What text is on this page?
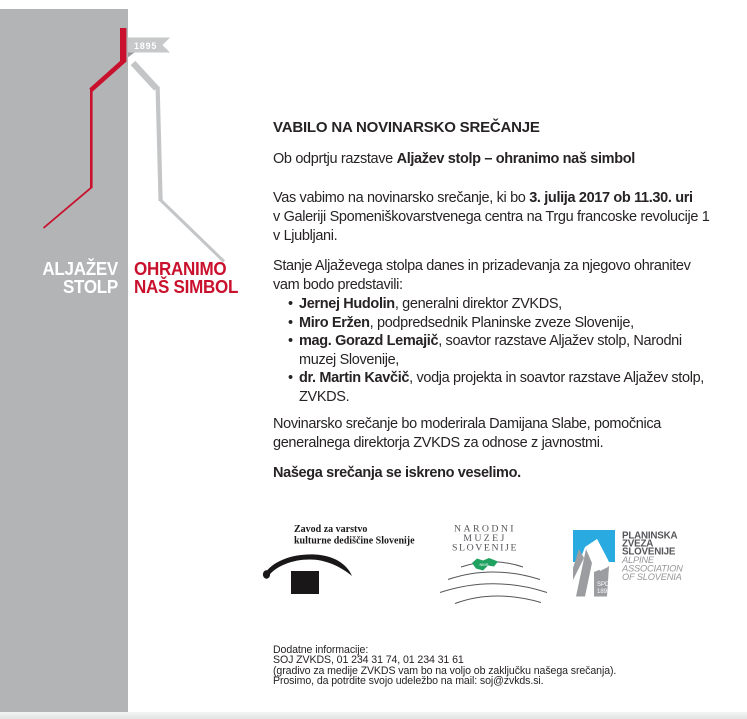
1895
ALJAŽEV
STOLP
OHRANIMO
NAŠ SIMBOL
VABILO NA NOVINARSKO SREČANJE
Ob odprtju razstave Aljažev stolp – ohranimo naš simbol
Vas vabimo na novinarsko srečanje, ki bo 3. julija 2017 ob 11.30. uri
v Galeriji Spomeniškovarstvenega centra na Trgu francoske revolucije 1
v Ljubljani.
Stanje Aljaževega stolpa danes in prizadevanja za njegovo ohranitev
vam bodo predstavili:
• Jernej Hudolin, generalni direktor ZVKDS,
• Miro Eržen, podpredsednik Planinske zveze Slovenije,
• mag. Gorazd Lemajič, soavtor razstave Aljažev stolp, Narodni
muzej Slovenije,
• dr. Martin Kavčič, vodja projekta in soavtor razstave Aljažev stolp,
ZVKDS.
Novinarsko srečanje bo moderirala Damijana Slabe, pomočnica
generalnega direktorja ZVKDS za odnose z javnostmi.
Našega srečanja se iskreno veselimo.
Zavod za varstvo
kulturne dediščine Slovenije
NARODNI
MUZEJ
SLOVENIJE
NMS
SPD
1893
PLANINSKA
ZVEZA
SLOVENIJE
ALPINE
ASSOCIATION
OF SLOVENIA
Dodatne informacije:
SOJ ZVKDS, 01 234 31 74, 01 234 31 61
(gradivo za medije ZVKDS vam bo na voljo ob zaključku našega srečanja).
Prosimo, da potrdite svojo udeležbo na mail: soj@zvkds.si.
